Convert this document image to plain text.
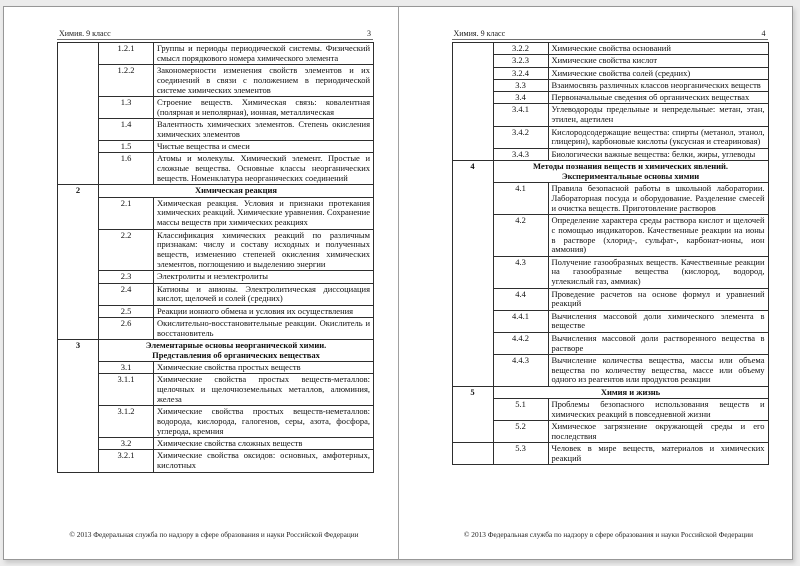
Химия. 9 класс	3
	1.2.1	Группы и периоды периодической системы. Физический смысл порядкового номера химического элемента
	1.2.2	Закономерности изменения свойств элементов и их соединений в связи с положением в периодической системе химических элементов
	1.3	Строение веществ. Химическая связь: ковалентная (полярная и неполярная), ионная, металлическая
	1.4	Валентность химических элементов. Степень окисления химических элементов
	1.5	Чистые вещества и смеси
	1.6	Атомы и молекулы. Химический элемент. Простые и сложные вещества. Основные классы неорганических веществ. Номенклатура неорганических соединений
2	Химическая реакция	
	2.1	Химическая реакция. Условия и признаки протекания химических реакций. Химические уравнения. Сохранение массы веществ при химических реакциях
	2.2	Классификация химических реакций по различным признакам: числу и составу исходных и полученных веществ, изменению степеней окисления химических элементов, поглощению и выделению энергии
	2.3	Электролиты и неэлектролиты
	2.4	Катионы и анионы. Электролитическая диссоциация кислот, щелочей и солей (средних)
	2.5	Реакции ионного обмена и условия их осуществления
	2.6	Окислительно-восстановительные реакции. Окислитель и восстановитель
3	Элементарные основы неорганической химии.
Представления об органических веществах	
	3.1	Химические свойства простых веществ
	3.1.1	Химические свойства простых веществ-металлов: щелочных и щелочноземельных металлов, алюминия, железа
	3.1.2	Химические свойства простых веществ-неметаллов: водорода, кислорода, галогенов, серы, азота, фосфора, углерода, кремния
	3.2	Химические свойства сложных веществ
	3.2.1	Химические свойства оксидов: основных, амфотерных, кислотных
© 2013 Федеральная служба по надзору в сфере образования и науки Российской Федерации
Химия. 9 класс	4
	3.2.2	Химические свойства оснований
	3.2.3	Химические свойства кислот
	3.2.4	Химические свойства солей (средних)
	3.3	Взаимосвязь различных классов неорганических веществ
	3.4	Первоначальные сведения об органических веществах
	3.4.1	Углеводороды предельные и непредельные: метан, этан, этилен, ацетилен
	3.4.2	Кислородсодержащие вещества: спирты (метанол, этанол, глицерин), карбоновые кислоты (уксусная и стеариновая)
	3.4.3	Биологически важные вещества: белки, жиры, углеводы
4	Методы познания веществ и химических явлений.
Экспериментальные основы химии	
	4.1	Правила безопасной работы в школьной лаборатории. Лабораторная посуда и оборудование. Разделение смесей и очистка веществ. Приготовление растворов
	4.2	Определение характера среды раствора кислот и щелочей с помощью индикаторов. Качественные реакции на ионы в растворе (хлорид-, сульфат-, карбонат-ионы, ион аммония)
	4.3	Получение газообразных веществ. Качественные реакции на газообразные вещества (кислород, водород, углекислый газ, аммиак)
	4.4	Проведение расчетов на основе формул и уравнений реакций
	4.4.1	Вычисления массовой доли химического элемента в веществе
	4.4.2	Вычисления массовой доли растворенного вещества в растворе
	4.4.3	Вычисление количества вещества, массы или объема вещества по количеству вещества, массе или объему одного из реагентов или продуктов реакции
5	Химия и жизнь	
	5.1	Проблемы безопасного использования веществ и химических реакций в повседневной жизни
	5.2	Химическое загрязнение окружающей среды и его последствия
	5.3	Человек в мире веществ, материалов и химических реакций
© 2013 Федеральная служба по надзору в сфере образования и науки Российской Федерации
